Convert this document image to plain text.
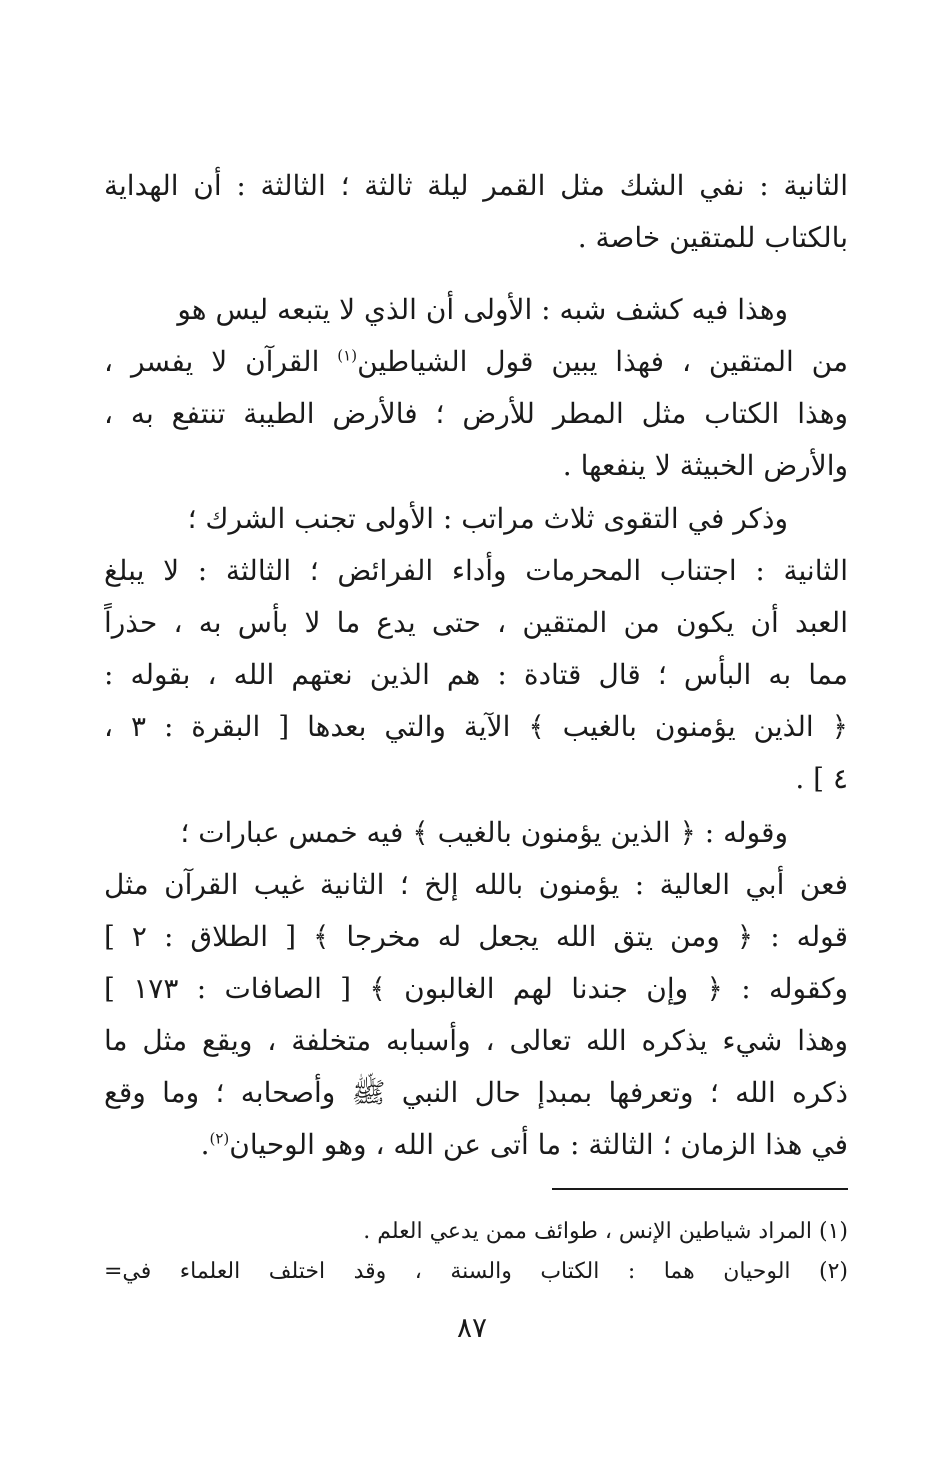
الثانية : نفي الشك مثل القمر ليلة ثالثة ؛ الثالثة : أن الهداية
بالكتاب للمتقين خاصة .
وهذا فيه كشف شبه : الأولى أن الذي لا يتبعه ليس هو
من المتقين ، فهذا يبين قول الشياطين$^{(١)}$ القرآن لا يفسر ،
وهذا الكتاب مثل المطر للأرض ؛ فالأرض الطيبة تنتفع به ،
والأرض الخبيثة لا ينفعها .
وذكر في التقوى ثلاث مراتب : الأولى تجنب الشرك ؛
الثانية : اجتناب المحرمات وأداء الفرائض ؛ الثالثة : لا يبلغ
العبد أن يكون من المتقين ، حتى يدع ما لا بأس به ، حذراً
مما به البأس ؛ قال قتادة : هم الذين نعتهم الله ، بقوله :
﴿ الذين يؤمنون بالغيب ﴾ الآية والتي بعدها [ البقرة : ٣ ،
٤ ] .
وقوله : ﴿ الذين يؤمنون بالغيب ﴾ فيه خمس عبارات ؛
فعن أبي العالية : يؤمنون بالله إلخ ؛ الثانية غيب القرآن مثل
قوله : ﴿ ومن يتق الله يجعل له مخرجا ﴾ [ الطلاق : ٢ ]
وكقوله : ﴿ وإن جندنا لهم الغالبون ﴾ [ الصافات : ١٧٣ ]
وهذا شيء يذكره الله تعالى ، وأسبابه متخلفة ، ويقع مثل ما
ذكره الله ؛ وتعرفها بمبدإ حال النبي ﷺ وأصحابه ؛ وما وقع
في هذا الزمان ؛ الثالثة : ما أتى عن الله ، وهو الوحيان$^{(٢)}$.
(١) المراد شياطين الإنس ، طوائف ممن يدعي العلم .
(٢) الوحيان هما : الكتاب والسنة ، وقد اختلف العلماء في=
٨٧
